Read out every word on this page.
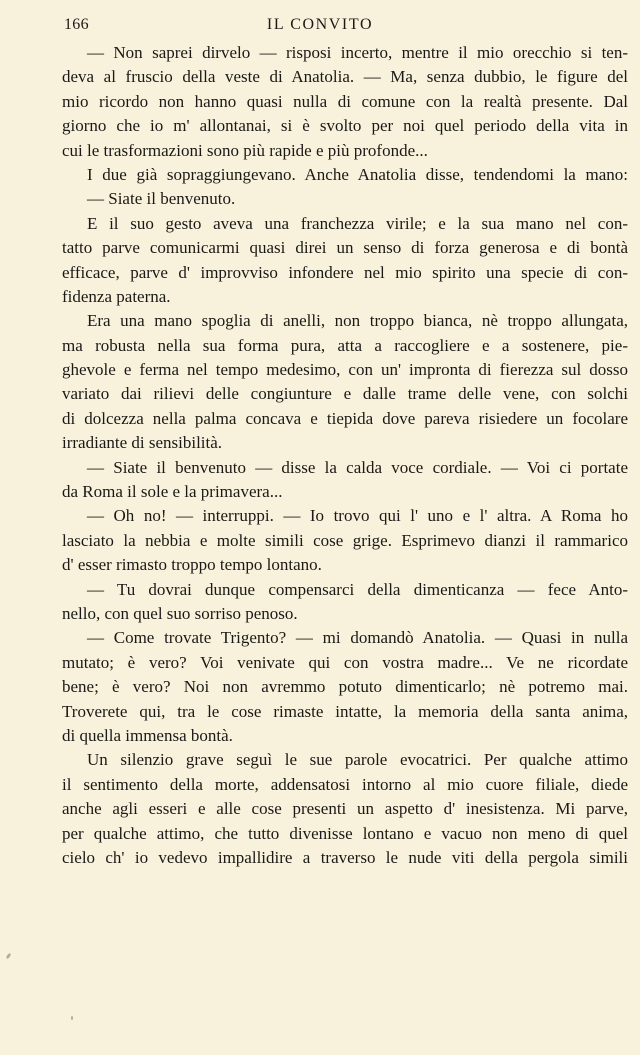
166	IL CONVITO
— Non saprei dirvelo — risposi incerto, mentre il mio orecchio si ten-
deva al fruscio della veste di Anatolia. — Ma, senza dubbio, le figure del
mio ricordo non hanno quasi nulla di comune con la realtà presente. Dal
giorno che io m' allontanai, si è svolto per noi quel periodo della vita in
cui le trasformazioni sono più rapide e più profonde...
I due già sopraggiungevano. Anche Anatolia disse, tendendomi la mano:
— Siate il benvenuto.
E il suo gesto aveva una franchezza virile; e la sua mano nel con-
tatto parve comunicarmi quasi direi un senso di forza generosa e di bontà
efficace, parve d' improvviso infondere nel mio spirito una specie di con-
fidenza paterna.
Era una mano spoglia di anelli, non troppo bianca, nè troppo allungata,
ma robusta nella sua forma pura, atta a raccogliere e a sostenere, pie-
ghevole e ferma nel tempo medesimo, con un' impronta di fierezza sul dosso
variato dai rilievi delle congiunture e dalle trame delle vene, con solchi
di dolcezza nella palma concava e tiepida dove pareva risiedere un focolare
irradiante di sensibilità.
— Siate il benvenuto — disse la calda voce cordiale. — Voi ci portate
da Roma il sole e la primavera...
— Oh no! — interruppi. — Io trovo qui l' uno e l' altra. A Roma ho
lasciato la nebbia e molte simili cose grige. Esprimevo dianzi il rammarico
d' esser rimasto troppo tempo lontano.
— Tu dovrai dunque compensarci della dimenticanza — fece Anto-
nello, con quel suo sorriso penoso.
— Come trovate Trigento? — mi domandò Anatolia. — Quasi in nulla
mutato; è vero? Voi venivate qui con vostra madre... Ve ne ricordate
bene; è vero? Noi non avremmo potuto dimenticarlo; nè potremo mai.
Troverete qui, tra le cose rimaste intatte, la memoria della santa anima,
di quella immensa bontà.
Un silenzio grave seguì le sue parole evocatrici. Per qualche attimo
il sentimento della morte, addensatosi intorno al mio cuore filiale, diede
anche agli esseri e alle cose presenti un aspetto d' inesistenza. Mi parve,
per qualche attimo, che tutto divenisse lontano e vacuo non meno di quel
cielo ch' io vedevo impallidire a traverso le nude viti della pergola simili
